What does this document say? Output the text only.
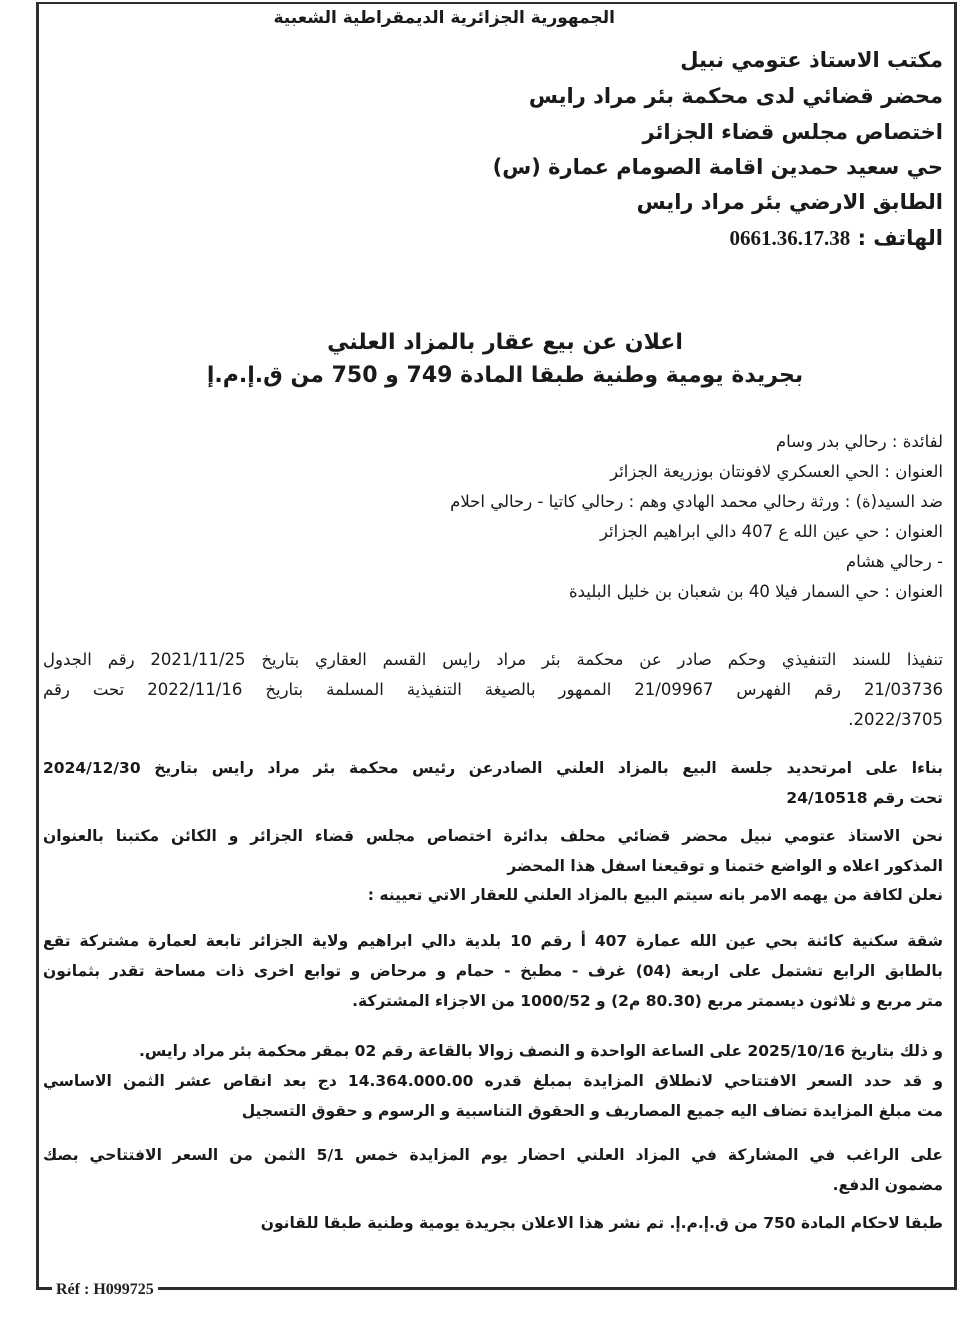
الجمهورية الجزائرية الديمقراطية الشعبية
مكتب الاستاذ عتومي نبيل
محضر قضائي لدى محكمة بئر مراد رايس
اختصاص مجلس قضاء الجزائر
حي سعيد حمدين اقامة الصومام عمارة (س)
الطابق الارضي بئر مراد رايس
الهاتف : 0661.36.17.38
اعلان عن بيع عقار بالمزاد العلني
بجريدة يومية وطنية طبقا المادة 749 و 750 من ق.إ.م.إ
لفائدة : رحالي بدر وسام
العنوان : الحي العسكري لافونتان بوزريعة الجزائر
ضد السيد(ة) : ورثة رحالي محمد الهادي وهم : رحالي كاتيا - رحالي احلام
العنوان : حي عين الله ع 407 دالي ابراهيم الجزائر
- رحالي هشام
العنوان : حي السمار فيلا 40 بن شعبان بن خليل البليدة
تنفيذا للسند التنفيذي وحكم صادر عن محكمة بئر مراد رايس القسم العقاري بتاريخ 2021/11/25 رقم الجدول
21/03736 رقم الفهرس 21/09967 الممهور بالصيغة التنفيذية المسلمة بتاريخ 2022/11/16 تحت رقم
2022/3705.
بناءا على امرتحديد جلسة البيع بالمزاد العلني الصادرعن رئيس محكمة بئر مراد رايس بتاريخ 2024/12/30
تحت رقم 24/10518
نحن الاستاذ عتومي نبيل محضر قضائي محلف بدائرة اختصاص مجلس قضاء الجزائر و الكائن مكتبنا بالعنوان
المذكور اعلاه و الواضع ختمنا و توقيعنا اسفل هذا المحضر
نعلن لكافة من يهمه الامر بانه سيتم البيع بالمزاد العلني للعقار الاتي تعيينه :
شقة سكنية كائنة بحي عين الله عمارة 407 أ رقم 10 بلدية دالي ابراهيم ولاية الجزائر تابعة لعمارة مشتركة تقع
بالطابق الرابع تشتمل على اربعة (04) غرف - مطبخ - حمام و مرحاض و توابع اخرى ذات مساحة تقدر بثمانون
متر مربع و ثلاثون ديسمتر مربع (80.30 م2) و 1000/52 من الاجزاء المشتركة.
و ذلك بتاريخ 2025/10/16 على الساعة الواحدة و النصف زوالا بالقاعة رقم 02 بمقر محكمة بئر مراد رايس.
و قد حدد السعر الافتتاحي لانطلاق المزايدة بمبلغ قدره 14.364.000.00 دج بعد انقاص عشر الثمن الاساسي
مت مبلغ المزايدة تضاف اليه جميع المصاريف و الحقوق التناسبية و الرسوم و حقوق التسجيل
على الراغب في المشاركة في المزاد العلني احضار يوم المزايدة خمس 5/1 الثمن من السعر الافتتاحي بصك
مضمون الدفع.
طبقا لاحكام المادة 750 من ق.إ.م.إ. تم نشر هذا الاعلان بجريدة يومية وطنية طبقا للقانون
Réf : H099725
